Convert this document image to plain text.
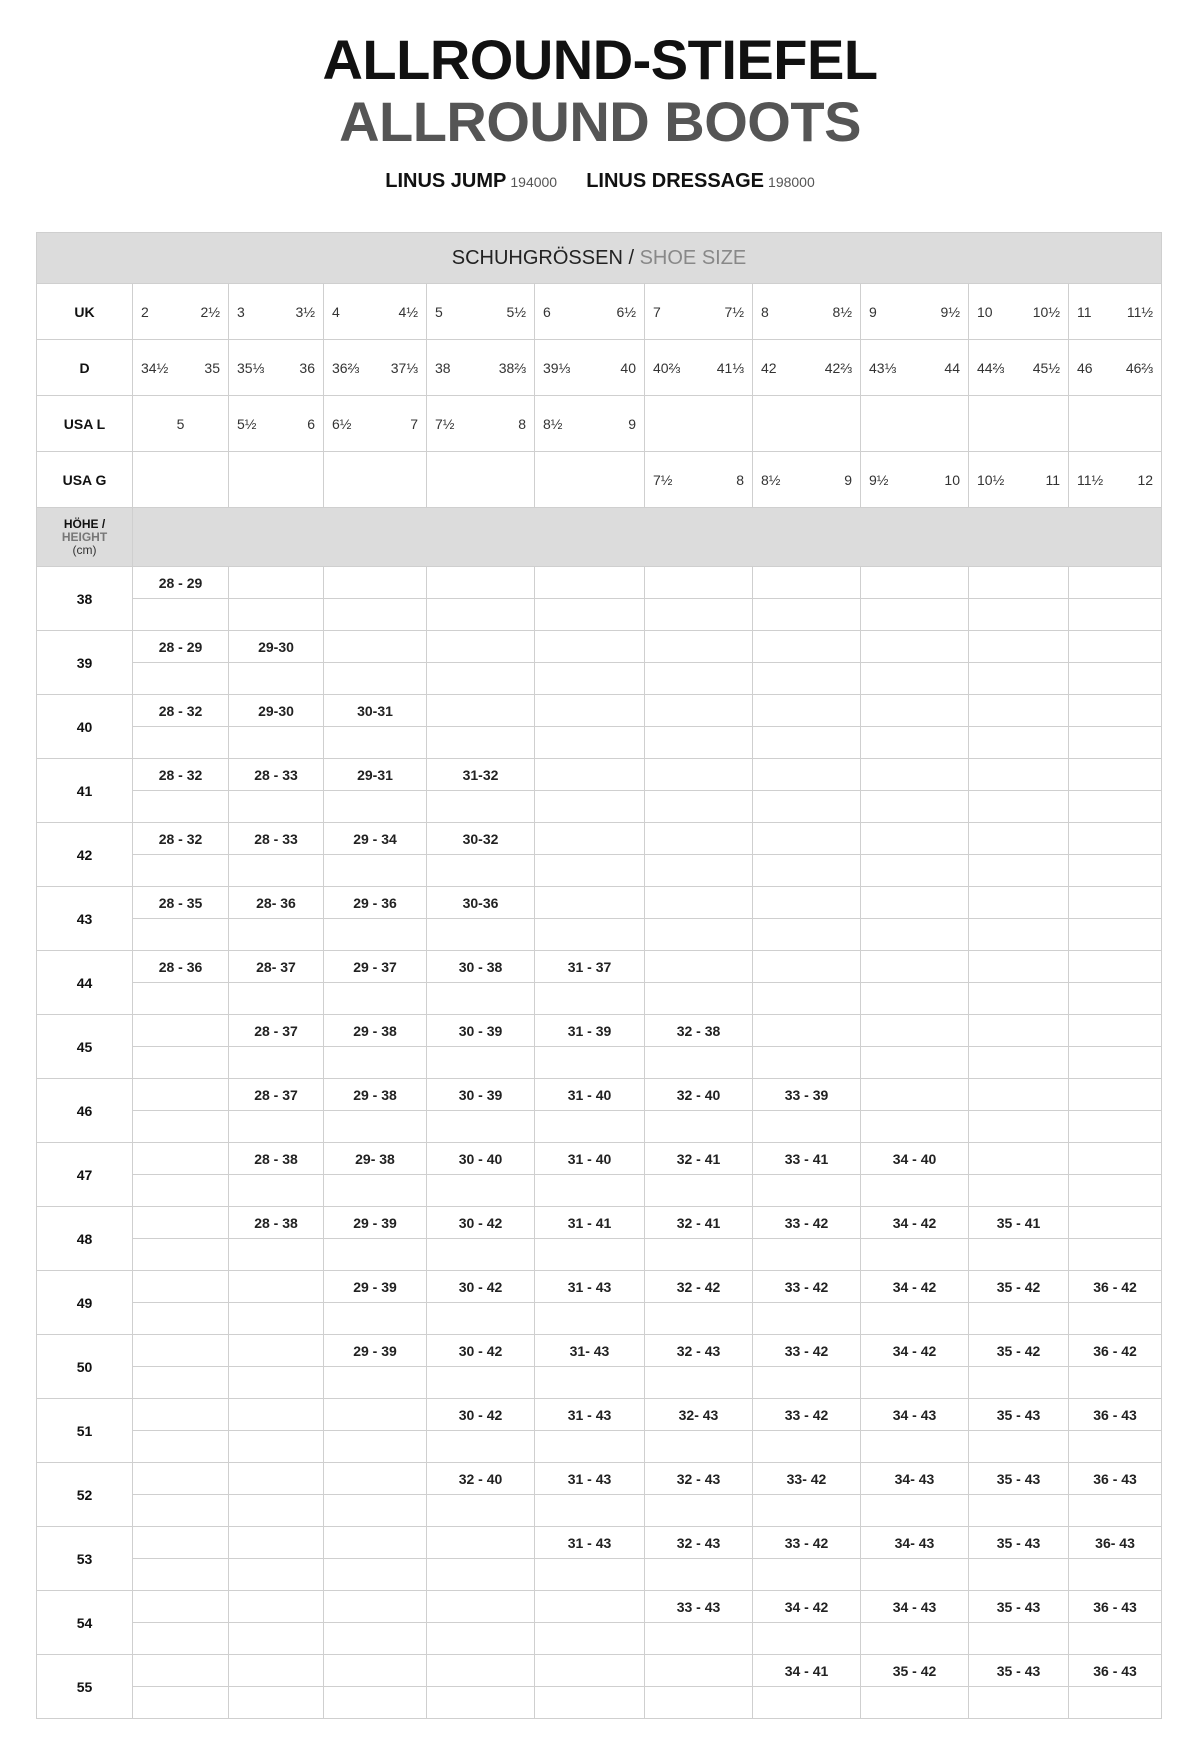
ALLROUND-STIEFEL
ALLROUND BOOTS
LINUS JUMP 194000 LINUS DRESSAGE 198000
SCHUHGRÖSSEN / SHOE SIZE										
UK	2 2½	3 3½	4 4½	5 5½	6 6½	7 7½	8 8½	9 9½	10 10½	11 11½

D	34½ 35	35⅓ 36	36⅔ 37⅓	38 38⅔	39⅓ 40	40⅔ 41⅓	42 42⅔	43⅓ 44	44⅔ 45½	46 46⅔

USA L	5	5½ 6	6½ 7	7½ 8	8½ 9					

USA G						7½ 8	8½ 9	9½ 10	10½ 11	11½ 12

HÖHE /
HEIGHT
(cm)										

38	28 - 29									

39	28 - 29	29-30								

40	28 - 32	29-30	30-31							

41	28 - 32	28 - 33	29-31	31-32						

42	28 - 32	28 - 33	29 - 34	30-32						

43	28 - 35	28- 36	29 - 36	30-36						

44	28 - 36	28- 37	29 - 37	30 - 38	31 - 37					

45		28 - 37	29 - 38	30 - 39	31 - 39	32 - 38				

46		28 - 37	29 - 38	30 - 39	31 - 40	32 - 40	33 - 39			

47		28 - 38	29- 38	30 - 40	31 - 40	32 - 41	33 - 41	34 - 40		

48		28 - 38	29 - 39	30 - 42	31 - 41	32 - 41	33 - 42	34 - 42	35 - 41	

49			29 - 39	30 - 42	31 - 43	32 - 42	33 - 42	34 - 42	35 - 42	36 - 42

50			29 - 39	30 - 42	31- 43	32 - 43	33 - 42	34 - 42	35 - 42	36 - 42

51				30 - 42	31 - 43	32- 43	33 - 42	34 - 43	35 - 43	36 - 43

52				32 - 40	31 - 43	32 - 43	33- 42	34- 43	35 - 43	36 - 43

53					31 - 43	32 - 43	33 - 42	34- 43	35 - 43	36- 43

54						33 - 43	34 - 42	34 - 43	35 - 43	36 - 43

55							34 - 41	35 - 42	35 - 43	36 - 43
